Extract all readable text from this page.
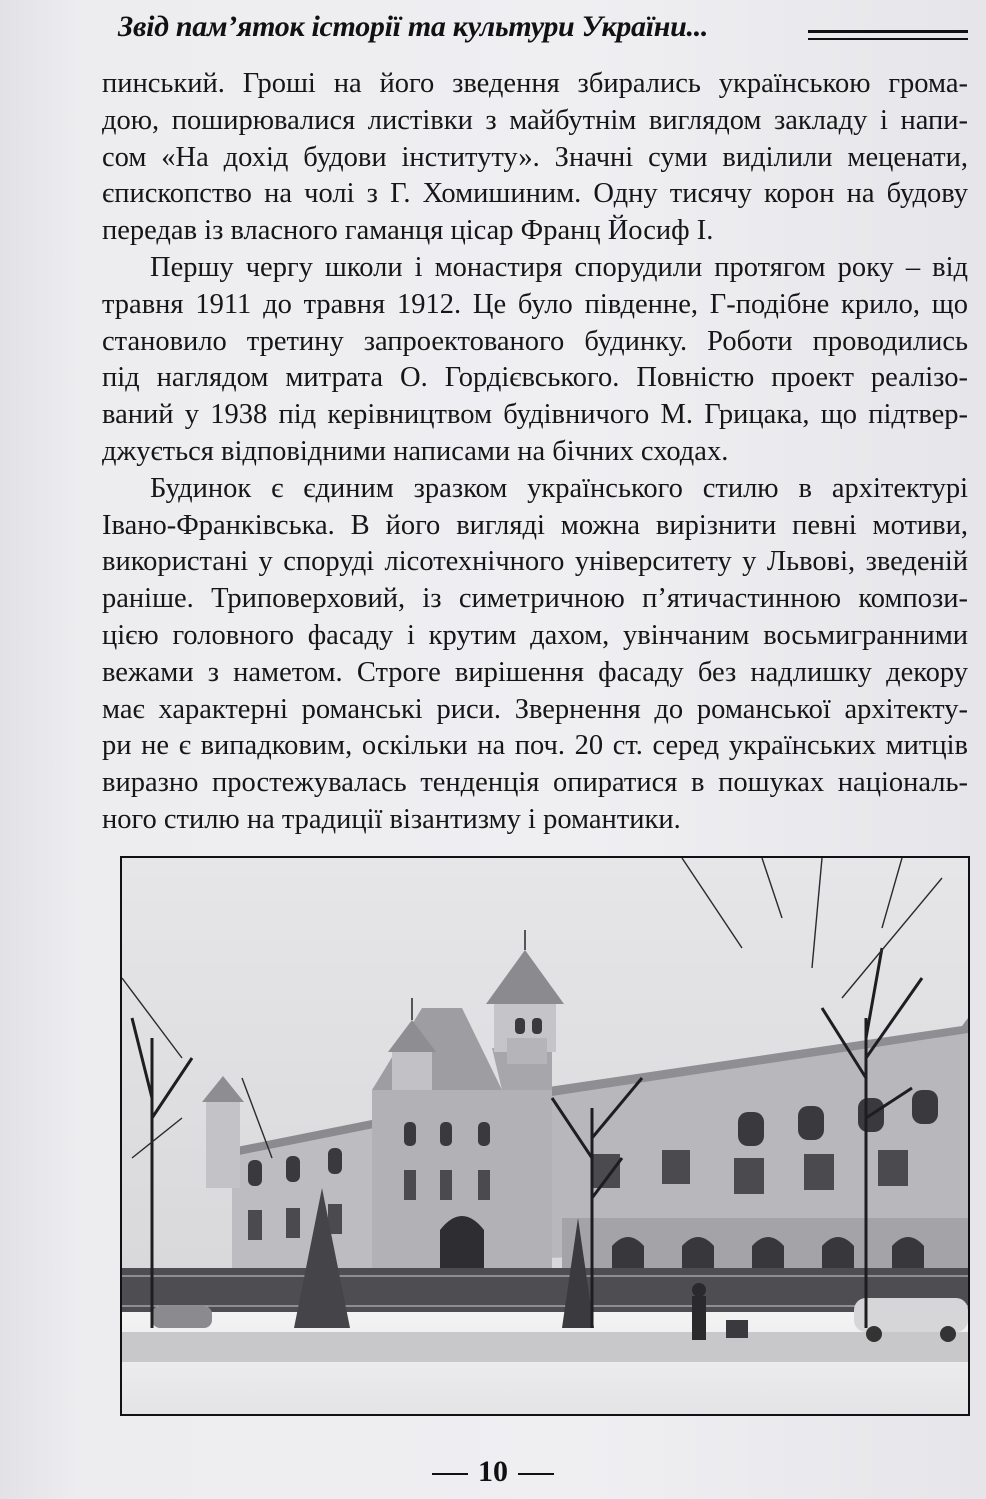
Звід пам’яток історії та культури України...

пинський. Гроші на його зведення збирались українською грома-
дою, поширювалися листівки з майбутнім виглядом закладу і напи-
сом «На дохід будови інституту». Значні суми виділили меценати,
єпископство на чолі з Г. Хомишиним. Одну тисячу корон на будову
передав із власного гаманця цісар Франц Йосиф І.

Першу чергу школи і монастиря спорудили протягом року – від
травня 1911 до травня 1912. Це було південне, Г-подібне крило, що
становило третину запроектованого будинку. Роботи проводились
під наглядом митрата О. Гордієвського. Повністю проект реалізо-
ваний у 1938 під керівництвом будівничого М. Грицака, що підтвер-
джується відповідними написами на бічних сходах.

Будинок є єдиним зразком українського стилю в архітектурі
Івано-Франківська. В його вигляді можна вирізнити певні мотиви,
використані у споруді лісотехнічного університету у Львові, зведеній
раніше. Триповерховий, із симетричною п’ятичастинною компози-
цією головного фасаду і крутим дахом, увінчаним восьмигранними
вежами з наметом. Строге вирішення фасаду без надлишку декору
має характерні романські риси. Звернення до романської архітекту-
ри не є випадковим, оскільки на поч. 20 ст. серед українських митців
виразно простежувалась тенденція опиратися в пошуках національ-
ного стилю на традиції візантизму і романтики.

10
